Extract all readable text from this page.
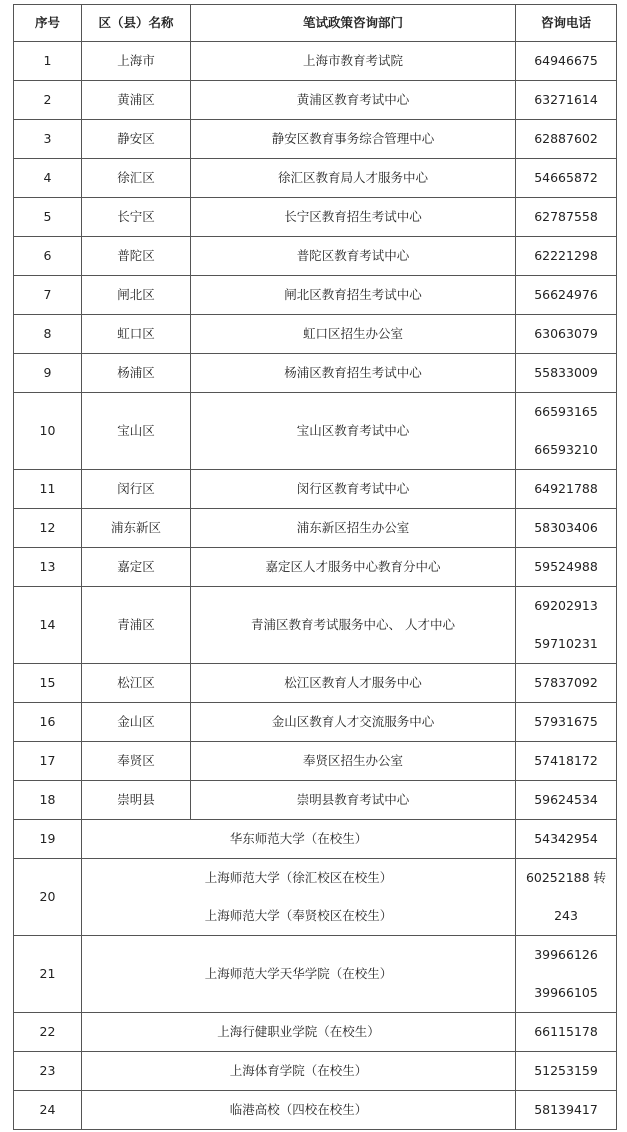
序号	区（县）名称	笔试政策咨询部门	咨询电话
1	上海市	上海市教育考试院	64946675

2	黄浦区	黄浦区教育考试中心	63271614

3	静安区	静安区教育事务综合管理中心	62887602

4	徐汇区	徐汇区教育局人才服务中心	54665872

5	长宁区	长宁区教育招生考试中心	62787558

6	普陀区	普陀区教育考试中心	62221298

7	闸北区	闸北区教育招生考试中心	56624976

8	虹口区	虹口区招生办公室	63063079

9	杨浦区	杨浦区教育招生考试中心	55833009

10	宝山区	宝山区教育考试中心	66593165
66593210

11	闵行区	闵行区教育考试中心	64921788

12	浦东新区	浦东新区招生办公室	58303406

13	嘉定区	嘉定区人才服务中心教育分中心	59524988

14	青浦区	青浦区教育考试服务中心、 人才中心	69202913
59710231

15	松江区	松江区教育人才服务中心	57837092

16	金山区	金山区教育人才交流服务中心	57931675

17	奉贤区	奉贤区招生办公室	57418172

18	崇明县	崇明县教育考试中心	59624534

19	华东师范大学（在校生）		54342954

20	上海师范大学（徐汇校区在校生）
上海师范大学（奉贤校区在校生）		60252188 转
243

21	上海师范大学天华学院（在校生）		39966126
39966105

22	上海行健职业学院（在校生）		66115178

23	上海体育学院（在校生）		51253159

24	临港高校（四校在校生）		58139417
